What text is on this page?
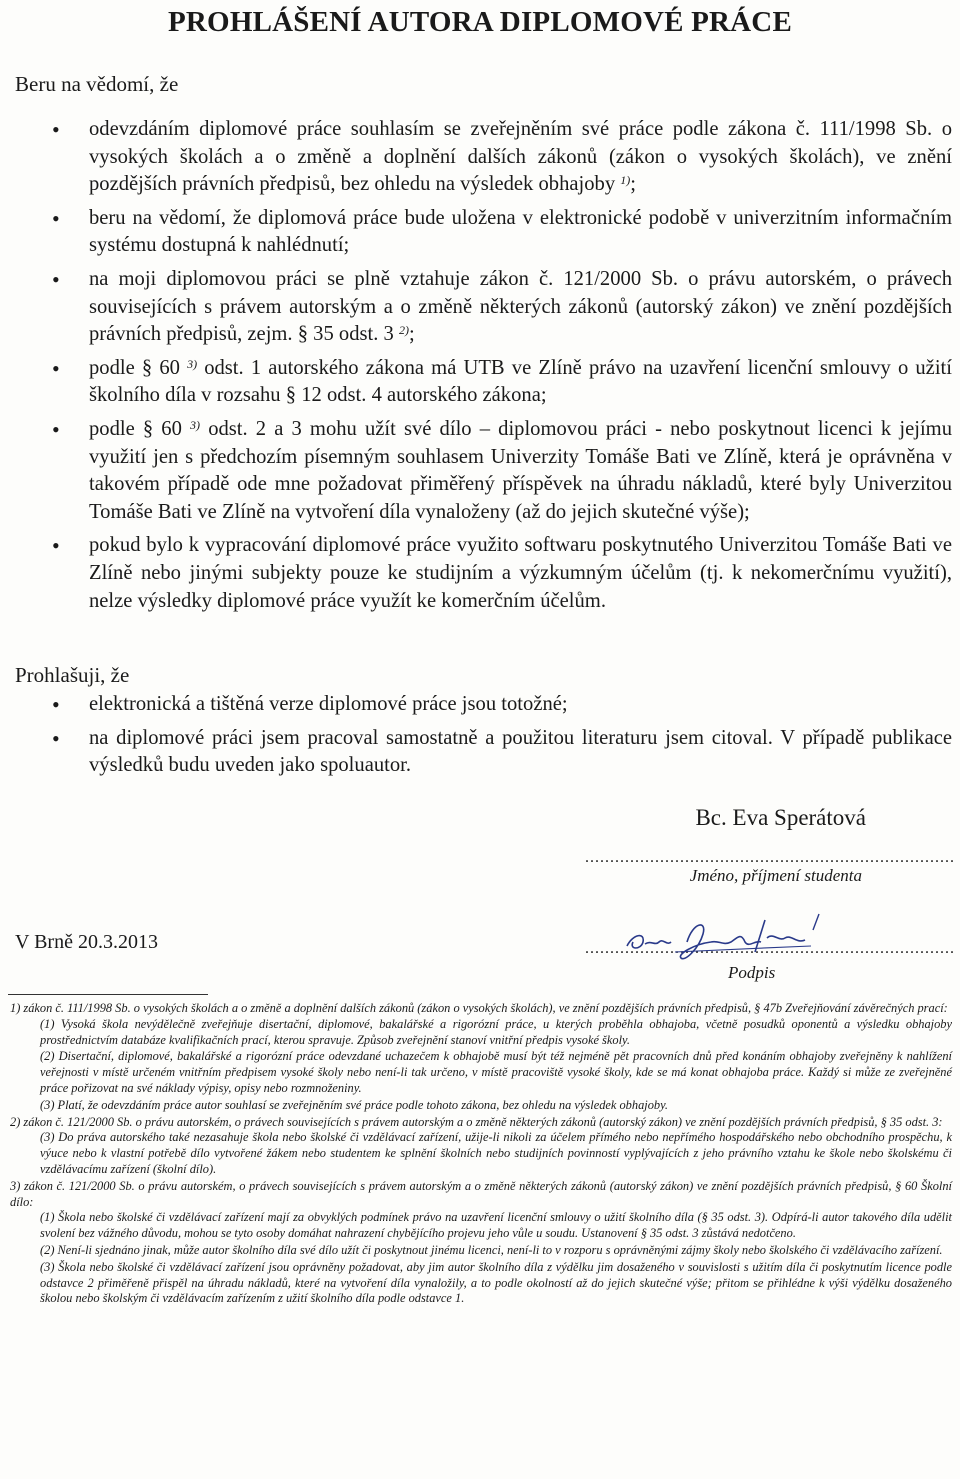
PROHLÁŠENÍ AUTORA DIPLOMOVÉ PRÁCE

Beru na vědomí, že

• odevzdáním diplomové práce souhlasím se zveřejněním své práce podle zákona č. 111/1998 Sb. o vysokých školách a o změně a doplnění dalších zákonů (zákon o vysokých školách), ve znění pozdějších právních předpisů, bez ohledu na výsledek obhajoby $^{1)}$;
• beru na vědomí, že diplomová práce bude uložena v elektronické podobě v univerzitním informačním systému dostupná k nahlédnutí;
• na moji diplomovou práci se plně vztahuje zákon č. 121/2000 Sb. o právu autorském, o právech souvisejících s právem autorským a o změně některých zákonů (autorský zákon) ve znění pozdějších právních předpisů, zejm. § 35 odst. 3 $^{2)}$;
• podle § 60 $^{3)}$ odst. 1 autorského zákona má UTB ve Zlíně právo na uzavření licenční smlouvy o užití školního díla v rozsahu § 12 odst. 4 autorského zákona;
• podle § 60 $^{3)}$ odst. 2 a 3 mohu užít své dílo – diplomovou práci - nebo poskytnout licenci k jejímu využití jen s předchozím písemným souhlasem Univerzity Tomáše Bati ve Zlíně, která je oprávněna v takovém případě ode mne požadovat přiměřený příspěvek na úhradu nákladů, které byly Univerzitou Tomáše Bati ve Zlíně na vytvoření díla vynaloženy (až do jejich skutečné výše);
• pokud bylo k vypracování diplomové práce využito softwaru poskytnutého Univerzitou Tomáše Bati ve Zlíně nebo jinými subjekty pouze ke studijním a výzkumným účelům (tj. k nekomerčnímu využití), nelze výsledky diplomové práce využít ke komerčním účelům.

Prohlašuji, že

• elektronická a tištěná verze diplomové práce jsou totožné;
• na diplomové práci jsem pracoval samostatně a použitou literaturu jsem citoval. V případě publikace výsledků budu uveden jako spoluautor.

Bc. Eva Sperátová

..........................................................................

Jméno, příjmení studenta

V Brně 20.3.2013	..........................................................................

Podpis

1) zákon č. 111/1998 Sb. o vysokých školách a o změně a doplnění dalších zákonů (zákon o vysokých školách), ve znění pozdějších právních předpisů, § 47b Zveřejňování závěrečných prací:

(1) Vysoká škola nevýdělečně zveřejňuje disertační, diplomové, bakalářské a rigorózní práce, u kterých proběhla obhajoba, včetně posudků oponentů a výsledku obhajoby prostřednictvím databáze kvalifikačních prací, kterou spravuje. Způsob zveřejnění stanoví vnitřní předpis vysoké školy.

(2) Disertační, diplomové, bakalářské a rigorózní práce odevzdané uchazečem k obhajobě musí být též nejméně pět pracovních dnů před konáním obhajoby zveřejněny k nahlížení veřejnosti v místě určeném vnitřním předpisem vysoké školy nebo není-li tak určeno, v místě pracoviště vysoké školy, kde se má konat obhajoba práce. Každý si může ze zveřejněné práce pořizovat na své náklady výpisy, opisy nebo rozmnoženiny.

(3) Platí, že odevzdáním práce autor souhlasí se zveřejněním své práce podle tohoto zákona, bez ohledu na výsledek obhajoby.

2) zákon č. 121/2000 Sb. o právu autorském, o právech souvisejících s právem autorským a o změně některých zákonů (autorský zákon) ve znění pozdějších právních předpisů, § 35 odst. 3:

(3) Do práva autorského také nezasahuje škola nebo školské či vzdělávací zařízení, užije-li nikoli za účelem přímého nebo nepřímého hospodářského nebo obchodního prospěchu, k výuce nebo k vlastní potřebě dílo vytvořené žákem nebo studentem ke splnění školních nebo studijních povinností vyplývajících z jeho právního vztahu ke škole nebo školskému či vzdělávacímu zařízení (školní dílo).

3) zákon č. 121/2000 Sb. o právu autorském, o právech souvisejících s právem autorským a o změně některých zákonů (autorský zákon) ve znění pozdějších právních předpisů, § 60 Školní dílo:

(1) Škola nebo školské či vzdělávací zařízení mají za obvyklých podmínek právo na uzavření licenční smlouvy o užití školního díla (§ 35 odst. 3). Odpírá-li autor takového díla udělit svolení bez vážného důvodu, mohou se tyto osoby domáhat nahrazení chybějícího projevu jeho vůle u soudu. Ustanovení § 35 odst. 3 zůstává nedotčeno.

(2) Není-li sjednáno jinak, může autor školního díla své dílo užít či poskytnout jinému licenci, není-li to v rozporu s oprávněnými zájmy školy nebo školského či vzdělávacího zařízení.

(3) Škola nebo školské či vzdělávací zařízení jsou oprávněny požadovat, aby jim autor školního díla z výdělku jim dosaženého v souvislosti s užitím díla či poskytnutím licence podle odstavce 2 přiměřeně přispěl na úhradu nákladů, které na vytvoření díla vynaložily, a to podle okolností až do jejich skutečné výše; přitom se přihlédne k výši výdělku dosaženého školou nebo školským či vzdělávacím zařízením z užití školního díla podle odstavce 1.
